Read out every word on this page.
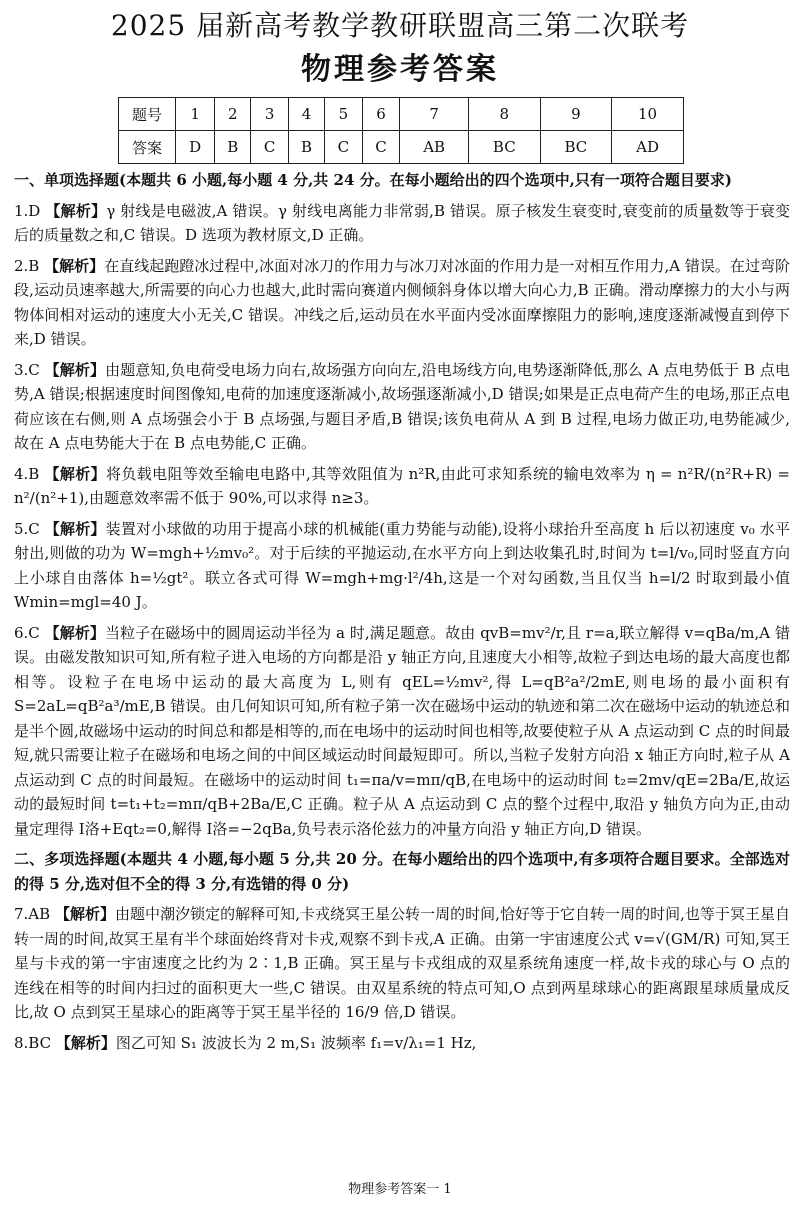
2025 届新高考教学教研联盟高三第二次联考
物理参考答案
题号	1	2	3	4	5	6	7	8	9	10
答案	D	B	C	B	C	C	AB	BC	BC	AD

一、单项选择题(本题共 6 小题,每小题 4 分,共 24 分。在每小题给出的四个选项中,只有一项符合题目要求)

1.D 【解析】γ 射线是电磁波,A 错误。γ 射线电离能力非常弱,B 错误。原子核发生衰变时,衰变前的质量数等于衰变后的质量数之和,C 错误。D 选项为教材原文,D 正确。

2.B 【解析】在直线起跑蹬冰过程中,冰面对冰刀的作用力与冰刀对冰面的作用力是一对相互作用力,A 错误。在过弯阶段,运动员速率越大,所需要的向心力也越大,此时需向赛道内侧倾斜身体以增大向心力,B 正确。滑动摩擦力的大小与两物体间相对运动的速度大小无关,C 错误。冲线之后,运动员在水平面内受冰面摩擦阻力的影响,速度逐渐减慢直到停下来,D 错误。

3.C 【解析】由题意知,负电荷受电场力向右,故场强方向向左,沿电场线方向,电势逐渐降低,那么 A 点电势低于 B 点电势,A 错误;根据速度时间图像知,电荷的加速度逐渐减小,故场强逐渐减小,D 错误;如果是正点电荷产生的电场,那正点电荷应该在右侧,则 A 点场强会小于 B 点场强,与题目矛盾,B 错误;该负电荷从 A 到 B 过程,电场力做正功,电势能减少,故在 A 点电势能大于在 B 点电势能,C 正确。

4.B 【解析】将负载电阻等效至输电电路中,其等效阻值为 n²R,由此可求知系统的输电效率为 η = n²R/(n²R+R) = n²/(n²+1),由题意效率需不低于 90%,可以求得 n≥3。

5.C 【解析】装置对小球做的功用于提高小球的机械能(重力势能与动能),设将小球抬升至高度 h 后以初速度 v₀ 水平射出,则做的功为 W=mgh+½mv₀²。对于后续的平抛运动,在水平方向上到达收集孔时,时间为 t=l/v₀,同时竖直方向上小球自由落体 h=½gt²。联立各式可得 W=mgh+mg·l²/4h,这是一个对勾函数,当且仅当 h=l/2 时取到最小值 Wmin=mgl=40 J。

6.C 【解析】当粒子在磁场中的圆周运动半径为 a 时,满足题意。故由 qvB=mv²/r,且 r=a,联立解得 v=qBa/m,A 错误。由磁发散知识可知,所有粒子进入电场的方向都是沿 y 轴正方向,且速度大小相等,故粒子到达电场的最大高度也都相等。设粒子在电场中运动的最大高度为 L,则有 qEL=½mv²,得 L=qB²a²/2mE,则电场的最小面积有 S=2aL=qB²a³/mE,B 错误。由几何知识可知,所有粒子第一次在磁场中运动的轨迹和第二次在磁场中运动的轨迹总和是半个圆,故磁场中运动的时间总和都是相等的,而在电场中的运动时间也相等,故要使粒子从 A 点运动到 C 点的时间最短,就只需要让粒子在磁场和电场之间的中间区域运动时间最短即可。所以,当粒子发射方向沿 x 轴正方向时,粒子从 A 点运动到 C 点的时间最短。在磁场中的运动时间 t₁=πa/v=mπ/qB,在电场中的运动时间 t₂=2mv/qE=2Ba/E,故运动的最短时间 t=t₁+t₂=mπ/qB+2Ba/E,C 正确。粒子从 A 点运动到 C 点的整个过程中,取沿 y 轴负方向为正,由动量定理得 I洛+Eqt₂=0,解得 I洛=−2qBa,负号表示洛伦兹力的冲量方向沿 y 轴正方向,D 错误。

二、多项选择题(本题共 4 小题,每小题 5 分,共 20 分。在每小题给出的四个选项中,有多项符合题目要求。全部选对的得 5 分,选对但不全的得 3 分,有选错的得 0 分)

7.AB 【解析】由题中潮汐锁定的解释可知,卡戎绕冥王星公转一周的时间,恰好等于它自转一周的时间,也等于冥王星自转一周的时间,故冥王星有半个球面始终背对卡戎,观察不到卡戎,A 正确。由第一宇宙速度公式 v=√(GM/R) 可知,冥王星与卡戎的第一宇宙速度之比约为 2∶1,B 正确。冥王星与卡戎组成的双星系统角速度一样,故卡戎的球心与 O 点的连线在相等的时间内扫过的面积更大一些,C 错误。由双星系统的特点可知,O 点到两星球球心的距离跟星球质量成反比,故 O 点到冥王星球心的距离等于冥王星半径的 16/9 倍,D 错误。

8.BC 【解析】图乙可知 S₁ 波波长为 2 m,S₁ 波频率 f₁=v/λ₁=1 Hz,

物理参考答案一 1
